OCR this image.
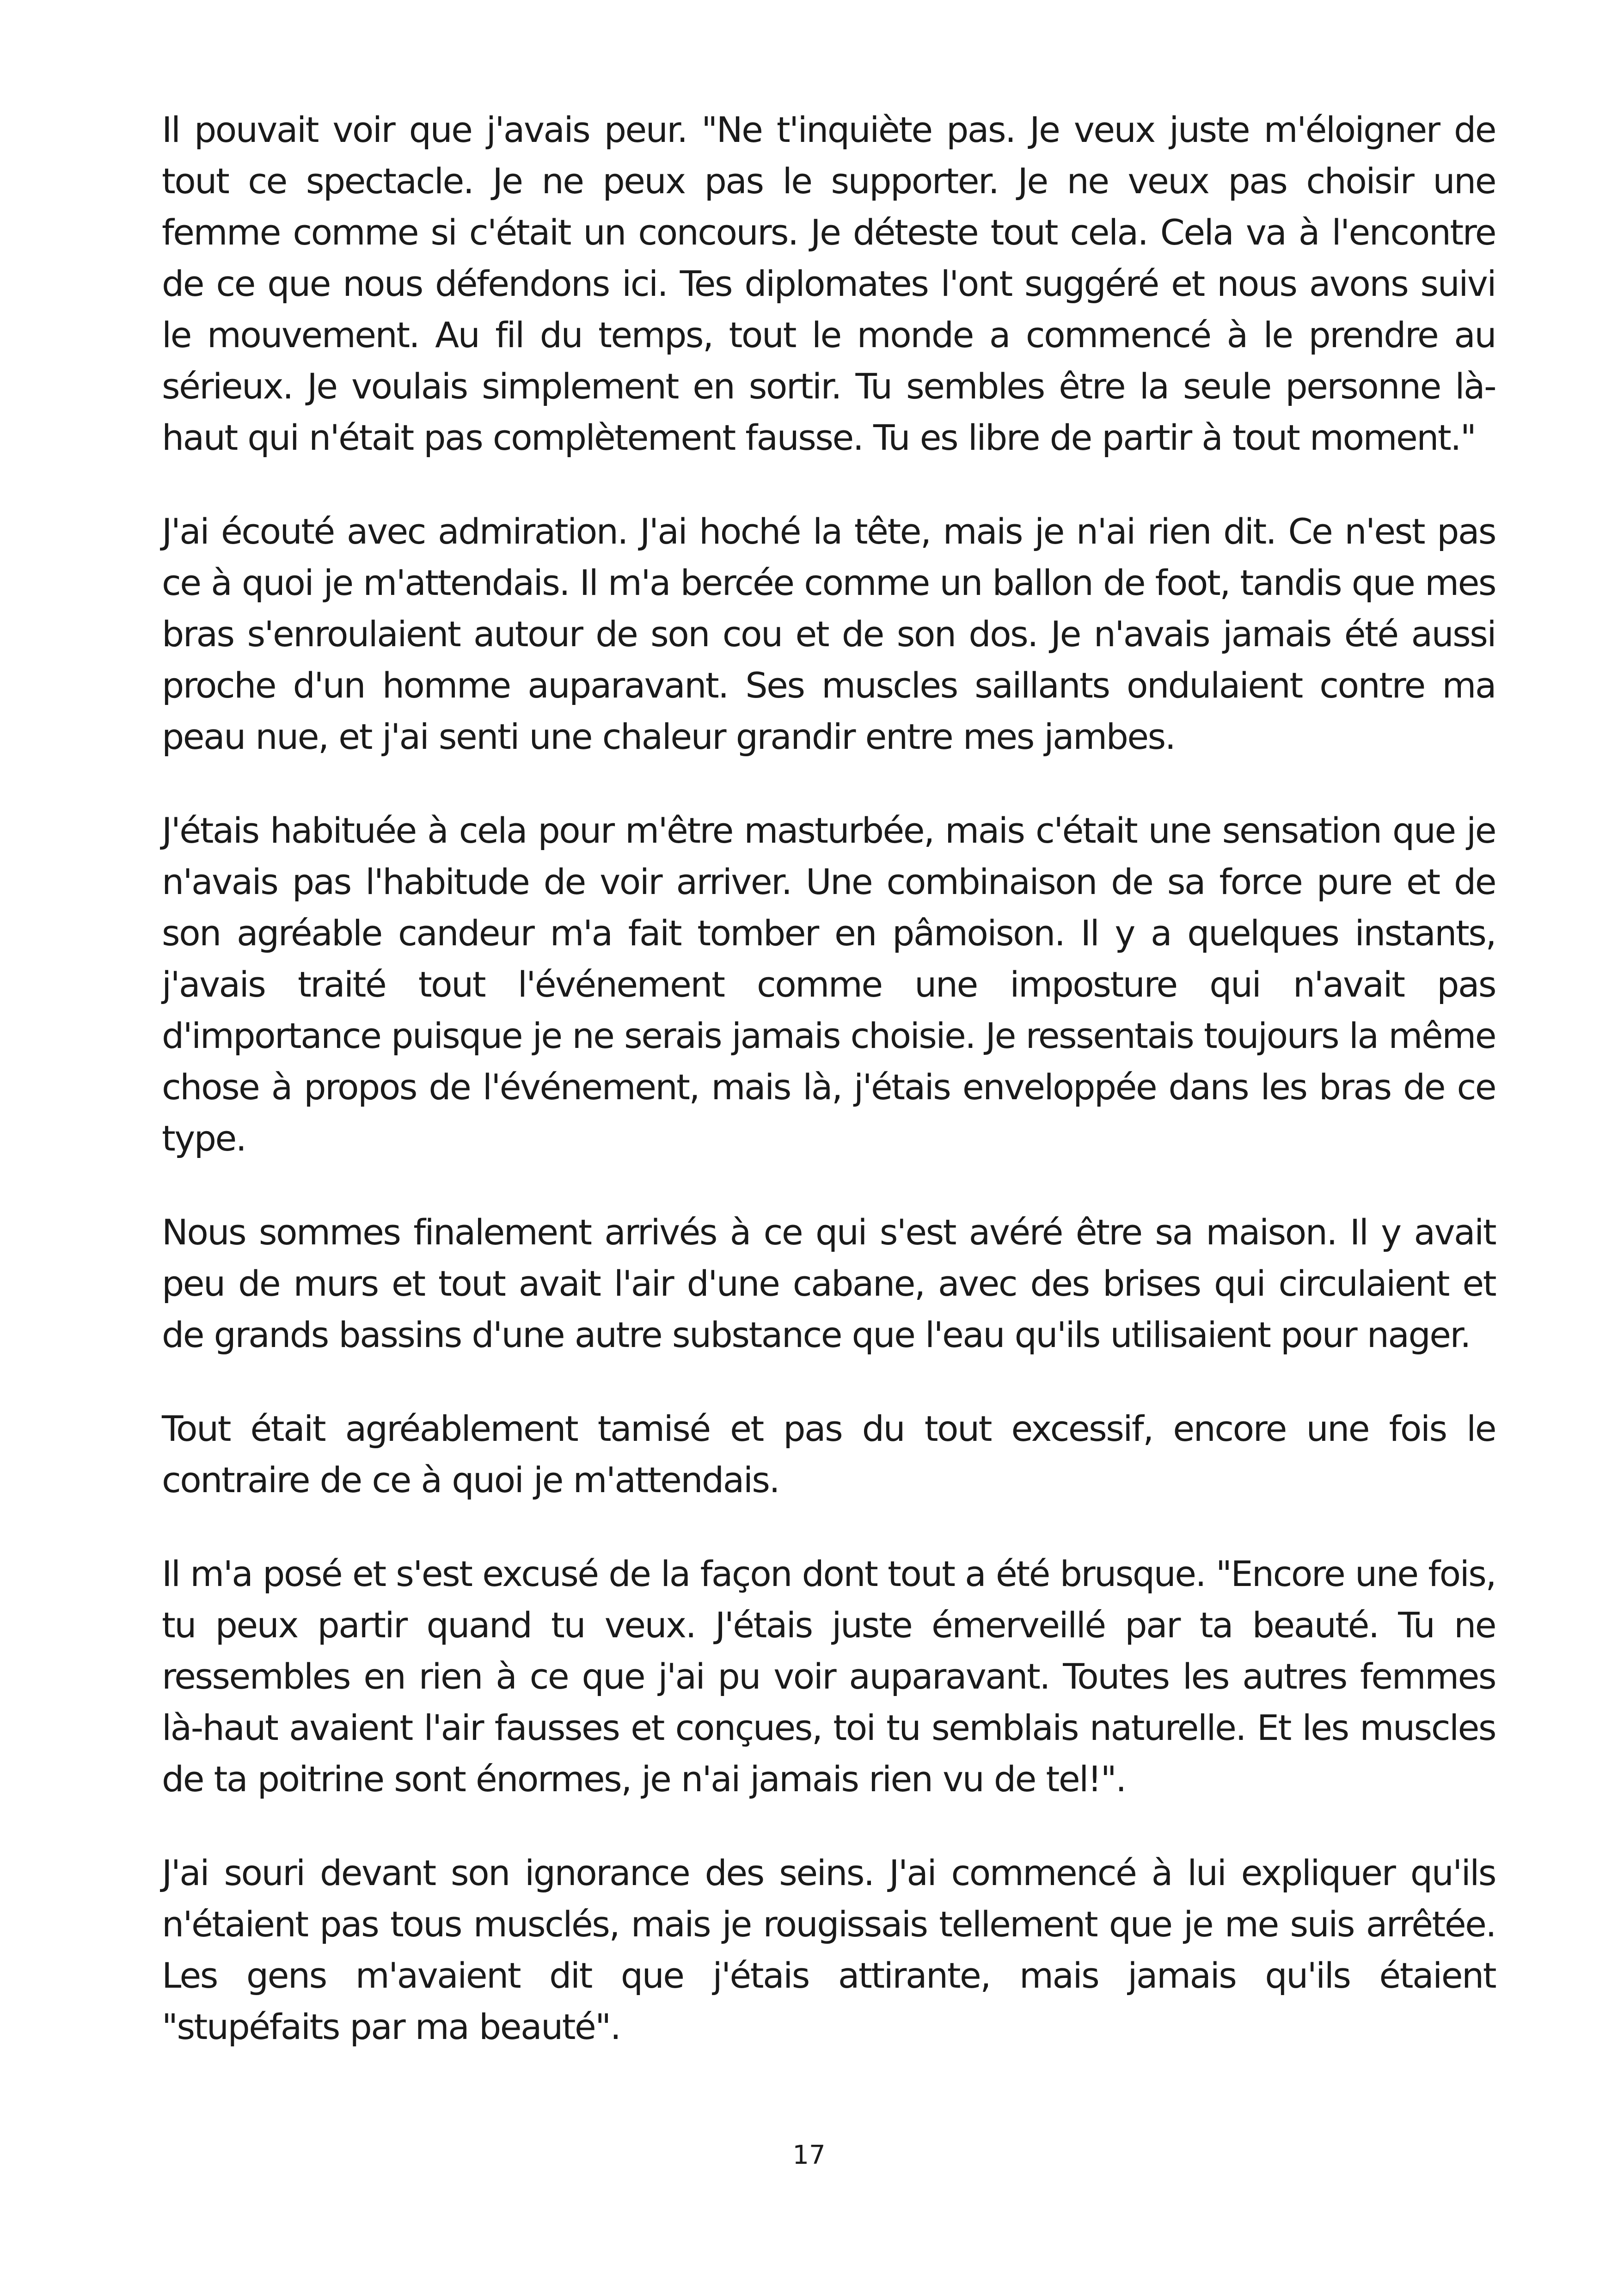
Il pouvait voir que j'avais peur. "Ne t'inquiète pas. Je veux juste m'éloigner de tout ce spectacle. Je ne peux pas le supporter. Je ne veux pas choisir une femme comme si c'était un concours. Je déteste tout cela. Cela va à l'encontre de ce que nous défendons ici. Tes diplomates l'ont suggéré et nous avons suivi le mouvement. Au fil du temps, tout le monde a commencé à le prendre au sérieux. Je voulais simplement en sortir. Tu sembles être la seule personne là-haut qui n'était pas complètement fausse. Tu es libre de partir à tout moment."

J'ai écouté avec admiration. J'ai hoché la tête, mais je n'ai rien dit. Ce n'est pas ce à quoi je m'attendais. Il m'a bercée comme un ballon de foot, tandis que mes bras s'enroulaient autour de son cou et de son dos. Je n'avais jamais été aussi proche d'un homme auparavant. Ses muscles saillants ondulaient contre ma peau nue, et j'ai senti une chaleur grandir entre mes jambes.

J'étais habituée à cela pour m'être masturbée, mais c'était une sensation que je n'avais pas l'habitude de voir arriver. Une combinaison de sa force pure et de son agréable candeur m'a fait tomber en pâmoison. Il y a quelques instants, j'avais traité tout l'événement comme une imposture qui n'avait pas d'importance puisque je ne serais jamais choisie. Je ressentais toujours la même chose à propos de l'événement, mais là, j'étais enveloppée dans les bras de ce type.

Nous sommes finalement arrivés à ce qui s'est avéré être sa maison. Il y avait peu de murs et tout avait l'air d'une cabane, avec des brises qui circulaient et de grands bassins d'une autre substance que l'eau qu'ils utilisaient pour nager.

Tout était agréablement tamisé et pas du tout excessif, encore une fois le contraire de ce à quoi je m'attendais.

Il m'a posé et s'est excusé de la façon dont tout a été brusque. "Encore une fois, tu peux partir quand tu veux. J'étais juste émerveillé par ta beauté. Tu ne ressembles en rien à ce que j'ai pu voir auparavant. Toutes les autres femmes là-haut avaient l'air fausses et conçues, toi tu semblais naturelle. Et les muscles de ta poitrine sont énormes, je n'ai jamais rien vu de tel!".

J'ai souri devant son ignorance des seins. J'ai commencé à lui expliquer qu'ils n'étaient pas tous musclés, mais je rougissais tellement que je me suis arrêtée. Les gens m'avaient dit que j'étais attirante, mais jamais qu'ils étaient "stupéfaits par ma beauté".

17
